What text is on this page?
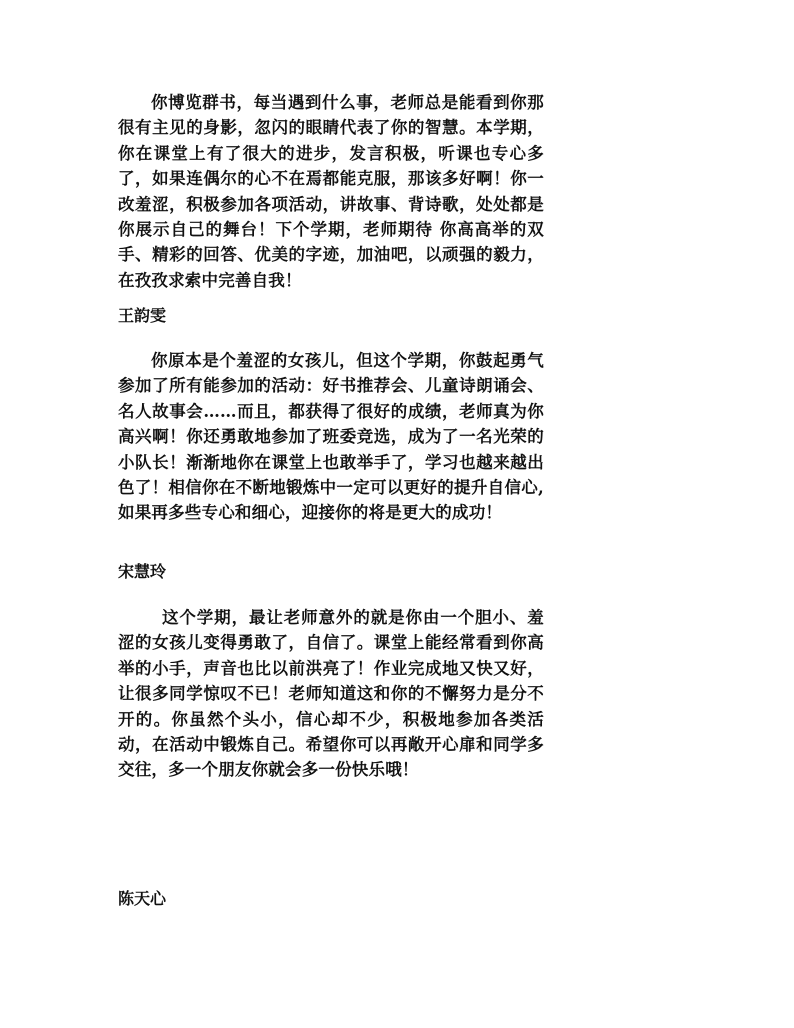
你博览群书，每当遇到什么事，老师总是能看到你那很有主见的身影，忽闪的眼睛代表了你的智慧。本学期，你在课堂上有了很大的进步，发言积极，听课也专心多了，如果连偶尔的心不在焉都能克服，那该多好啊！你一改羞涩，积极参加各项活动，讲故事、背诗歌，处处都是你展示自己的舞台！下个学期，老师期待 你高高举的双手、精彩的回答、优美的字迹，加油吧，以顽强的毅力，在孜孜求索中完善自我！

王韵雯

你原本是个羞涩的女孩儿，但这个学期，你鼓起勇气参加了所有能参加的活动：好书推荐会、儿童诗朗诵会、名人故事会……而且，都获得了很好的成绩，老师真为你高兴啊！你还勇敢地参加了班委竞选，成为了一名光荣的小队长！渐渐地你在课堂上也敢举手了，学习也越来越出色了！相信你在不断地锻炼中一定可以更好的提升自信心,如果再多些专心和细心，迎接你的将是更大的成功！

宋慧玲

这个学期，最让老师意外的就是你由一个胆小、羞涩的女孩儿变得勇敢了，自信了。课堂上能经常看到你高举的小手，声音也比以前洪亮了！作业完成地又快又好，让很多同学惊叹不已！老师知道这和你的不懈努力是分不开的。你虽然个头小，信心却不少，积极地参加各类活动，在活动中锻炼自己。希望你可以再敞开心扉和同学多交往，多一个朋友你就会多一份快乐哦！

陈天心
